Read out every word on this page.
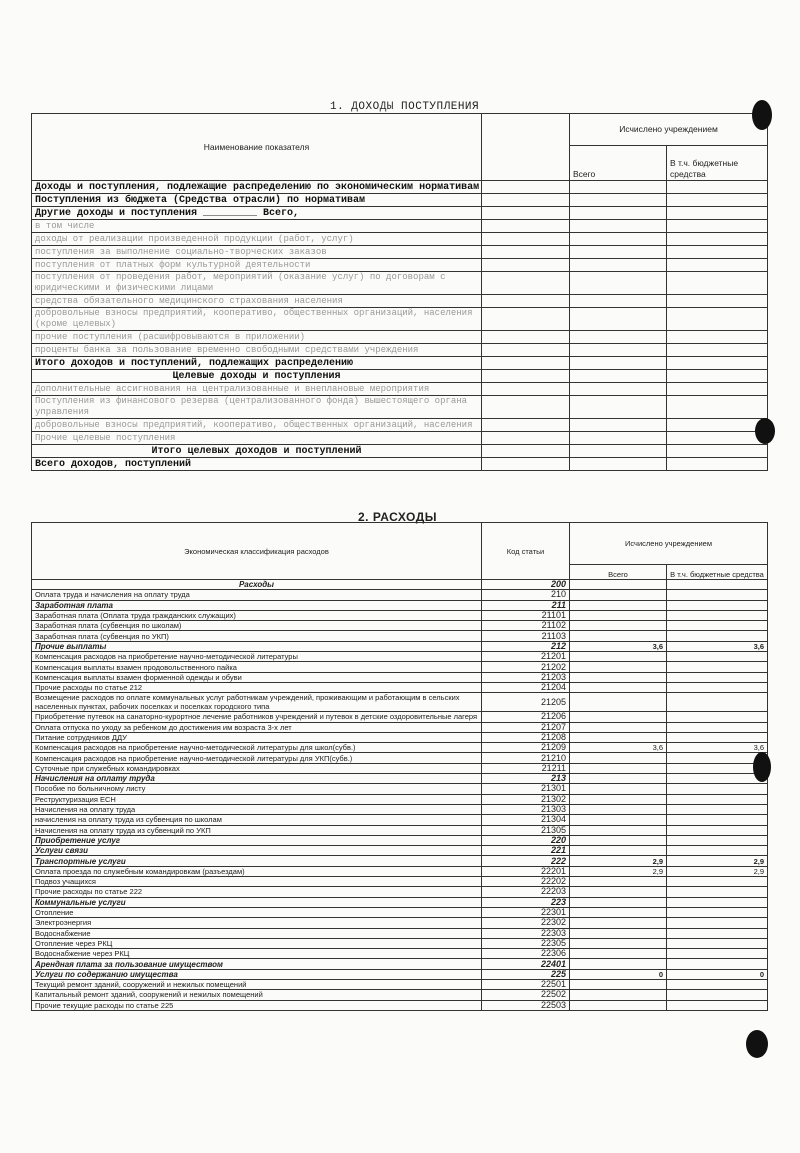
1. ДОХОДЫ ПОСТУПЛЕНИЯ
Наименование показателя		Исчислено учреждением	
		Всего	В т.ч. бюджетные средства
Доходы и поступления, подлежащие распределению по экономическим нормативам			
Поступления из бюджета (Средства отрасли) по нормативам			
Другие доходы и поступления _________ Всего,			
в том числе			
доходы от реализации произведенной продукции (работ, услуг)			
поступления за выполнение социально-творческих заказов			
поступления от платных форм культурной деятельности			
поступления от проведения работ, мероприятий (оказание услуг) по договорам с юридическими и физическими лицами			
средства обязательного медицинского страхования населения			
добровольные взносы предприятий, кооперативо, общественных организаций, населения (кроме целевых)			
прочие поступления (расшифровываются в приложении)			
проценты банка за пользование временно свободными средствами учреждения			
Итого доходов и поступлений, подлежащих распределению			
Целевые доходы и поступления			
Дополнительные ассигнования на централизованные и внеплановые мероприятия			
Поступления из финансового резерва (централизованного фонда) вышестоящего органа управления			
добровольные взносы предприятий, кооперативо, общественных организаций, населения			
Прочие целевые поступления			
Итого целевых доходов и поступлений			
Всего доходов, поступлений			
2. РАСХОДЫ
Экономическая классификация расходов	Код статьи	Исчислено учреждением	
		Всего	В т.ч. бюджетные средства
Расходы	200		
Оплата труда и начисления на оплату труда	210		
Заработная плата	211		
Заработная плата (Оплата труда гражданских служащих)	21101		
Заработная плата (субвенция по школам)	21102		
Заработная плата (субвенция по УКП)	21103		
Прочие выплаты	212	3,6	3,6
Компенсация расходов на приобретение научно-методической литературы	21201		
Компенсация выплаты взамен продовольственного пайка	21202		
Компенсация выплаты взамен форменной одежды и обуви	21203		
Прочие расходы по статье 212	21204		
Возмещение расходов по оплате коммунальных услуг работникам учреждений, проживающим и работающим в сельских населенных пунктах, рабочих поселках и поселках городского типа	21205		
Приобретение путевок на санаторно-курортное лечение работников учреждений и путевок в детские оздоровительные лагеря	21206		
Оплата отпуска по уходу за ребенком до достижения им возраста 3-х лет	21207		
Питание сотрудников ДДУ	21208		
Компенсация расходов на приобретение научно-методической литературы для школ(субв.)	21209	3,6	3,6
Компенсация расходов на приобретение научно-методической литературы для УКП(субв.)	21210		
Суточные при служебных командировках	21211		
Начисления на оплату труда	213		
Пособие по больничному листу	21301		
Реструктуризация ЕСН	21302		
Начисления на оплату труда	21303		
начисления на оплату труда из субвенция по школам	21304		
Начисления на оплату труда из субвенций по УКП	21305		
Приобретение услуг	220		
Услуги связи	221		
Транспортные услуги	222	2,9	2,9
Оплата проезда по служебным командировкам (разъездам)	22201	2,9	2,9
Подвоз учащихся	22202		
Прочие расходы по статье 222	22203		
Коммунальные услуги	223		
Отопление	22301		
Электроэнергия	22302		
Водоснабжение	22303		
Отопление через РКЦ	22305		
Водоснабжение через РКЦ	22306		
Арендная плата за пользование имуществом	22401		
Услуги по содержанию имущества	225	0	0
Текущий ремонт зданий, сооружений и нежилых помещений	22501		
Капитальный ремонт зданий, сооружений и нежилых помещений	22502		
Прочие текущие расходы по статье 225	22503		
